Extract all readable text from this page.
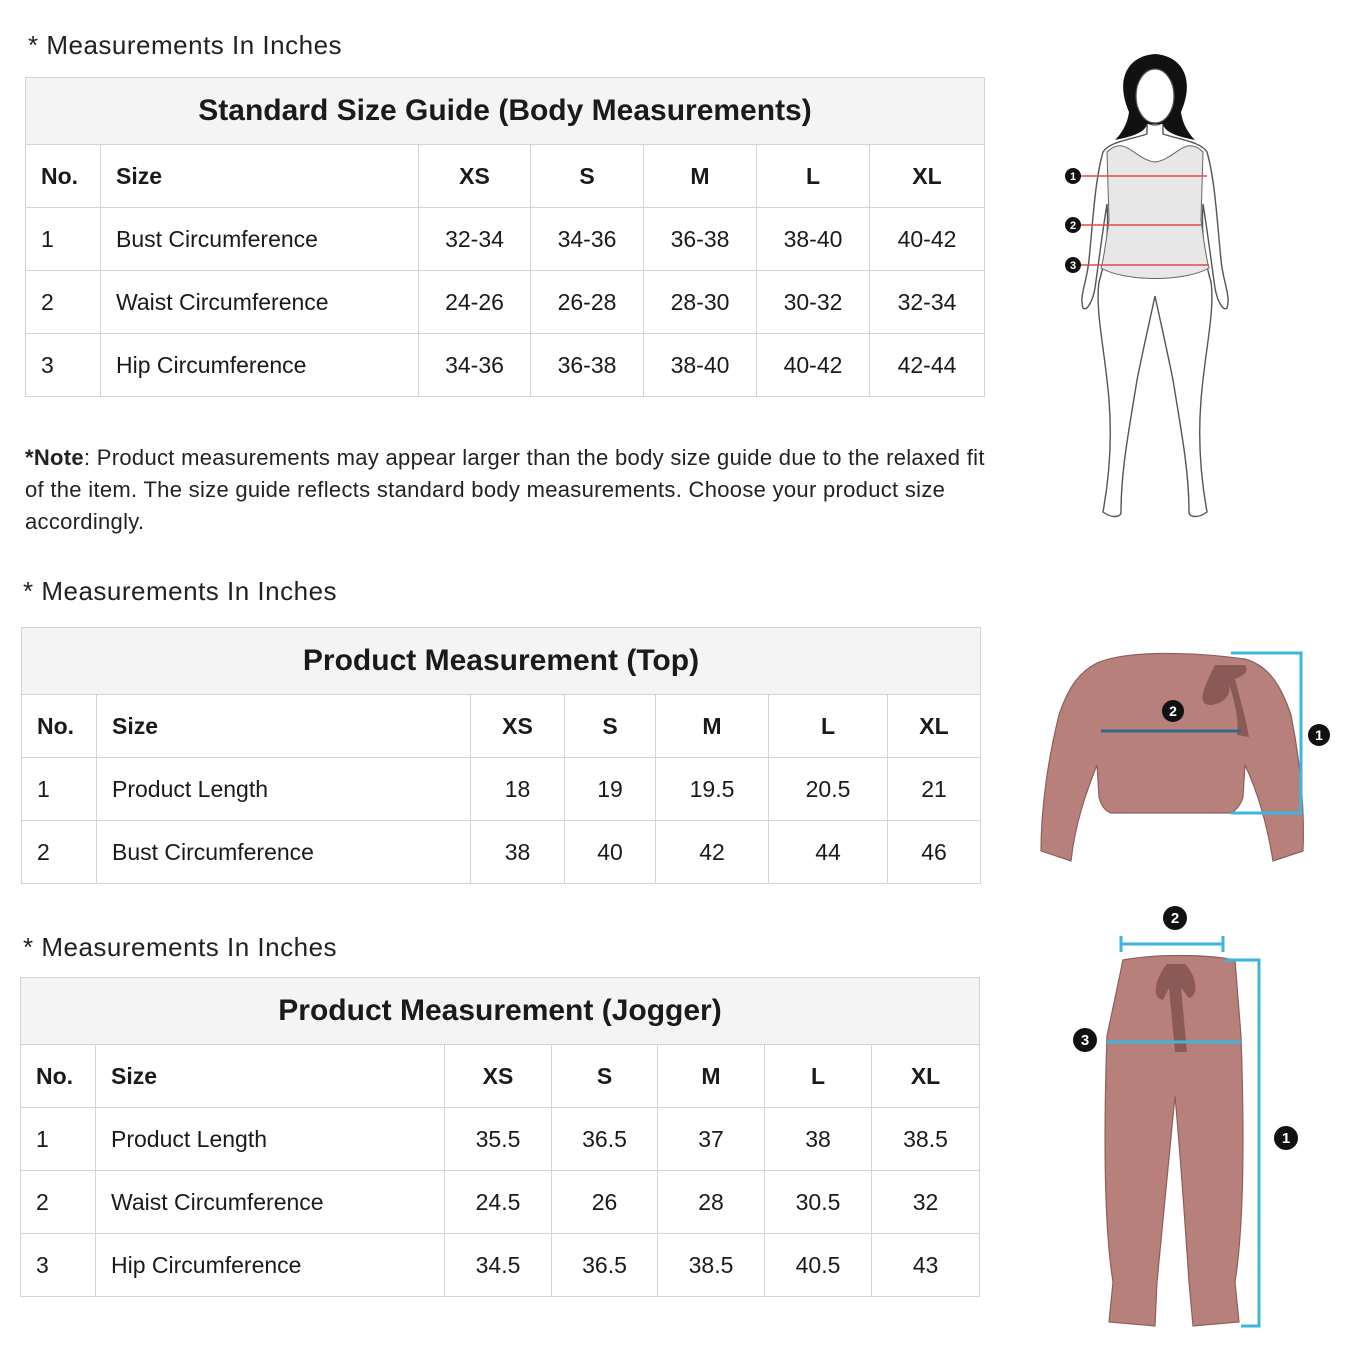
* Measurements In Inches
Standard Size Guide (Body Measurements)						
No.	Size	XS	S	M	L	XL
1	Bust Circumference	32-34	34-36	36-38	38-40	40-42
2	Waist Circumference	24-26	26-28	28-30	30-32	32-34
3	Hip Circumference	34-36	36-38	38-40	40-42	42-44
*Note: Product measurements may appear larger than the body size guide due to the relaxed fit of the item. The size guide reflects standard body measurements. Choose your product size accordingly.
* Measurements In Inches
Product Measurement (Top)						
No.	Size	XS	S	M	L	XL
1	Product Length	18	19	19.5	20.5	21
2	Bust Circumference	38	40	42	44	46
* Measurements In Inches
Product Measurement (Jogger)						
No.	Size	XS	S	M	L	XL
1	Product Length	35.5	36.5	37	38	38.5
2	Waist Circumference	24.5	26	28	30.5	32
3	Hip Circumference	34.5	36.5	38.5	40.5	43
1
2
3
2
1
2
3
1
